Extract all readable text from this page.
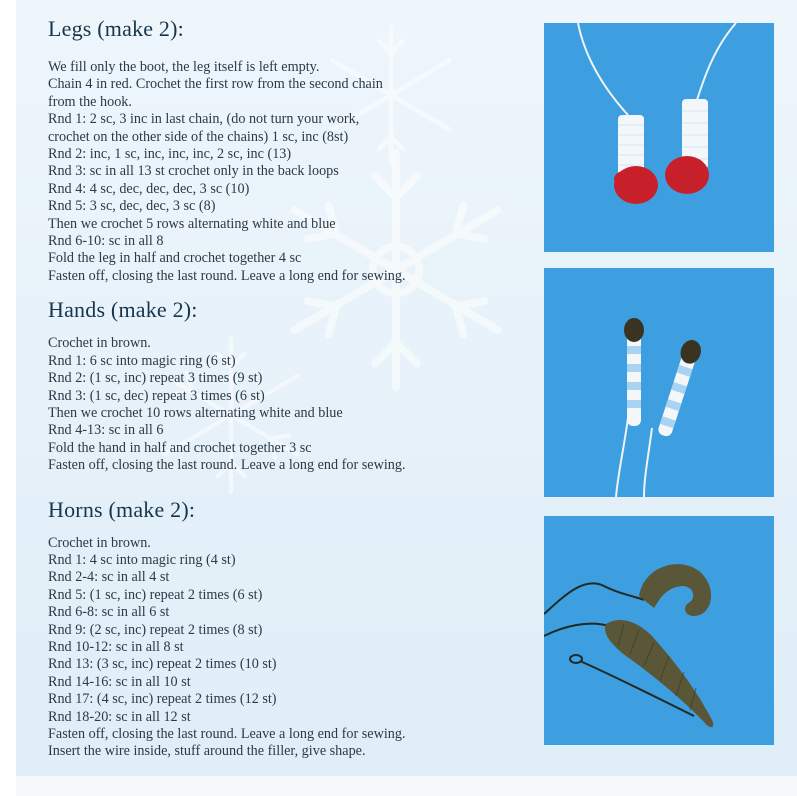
Legs (make 2):
We fill only the boot, the leg itself is left empty.
Chain 4 in red. Crochet the first row from the second chain
from the hook.
Rnd 1: 2 sc, 3 inc in last chain, (do not turn your work,
crochet on the other side of the chains) 1 sc, inc (8st)
Rnd 2: inc, 1 sc, inc, inc, inc, 2 sc, inc (13)
Rnd 3: sc in all 13 st crochet only in the back loops
Rnd 4: 4 sc, dec, dec, dec, 3 sc (10)
Rnd 5: 3 sc, dec, dec, 3 sc (8)
Then we crochet 5 rows alternating white and blue
Rnd 6-10: sc in all 8
Fold the leg in half and crochet together 4 sc
Fasten off, closing the last round. Leave a long end for sewing.
Hands (make 2):
Crochet in brown.
Rnd 1: 6 sc into magic ring (6 st)
Rnd 2: (1 sc, inc) repeat 3 times (9 st)
Rnd 3: (1 sc, dec) repeat 3 times (6 st)
Then we crochet 10 rows alternating white and blue
Rnd 4-13: sc in all 6
Fold the hand in half and crochet together 3 sc
Fasten off, closing the last round. Leave a long end for sewing.
Horns (make 2):
Crochet in brown.
Rnd 1: 4 sc into magic ring (4 st)
Rnd 2-4: sc in all 4 st
Rnd 5: (1 sc, inc) repeat 2 times (6 st)
Rnd 6-8: sc in all 6 st
Rnd 9: (2 sc, inc) repeat 2 times (8 st)
Rnd 10-12: sc in all 8 st
Rnd 13: (3 sc, inc) repeat 2 times (10 st)
Rnd 14-16: sc in all 10 st
Rnd 17: (4 sc, inc) repeat 2 times (12 st)
Rnd 18-20: sc in all 12 st
Fasten off, closing the last round. Leave a long end for sewing.
Insert the wire inside, stuff around the filler, give shape.
